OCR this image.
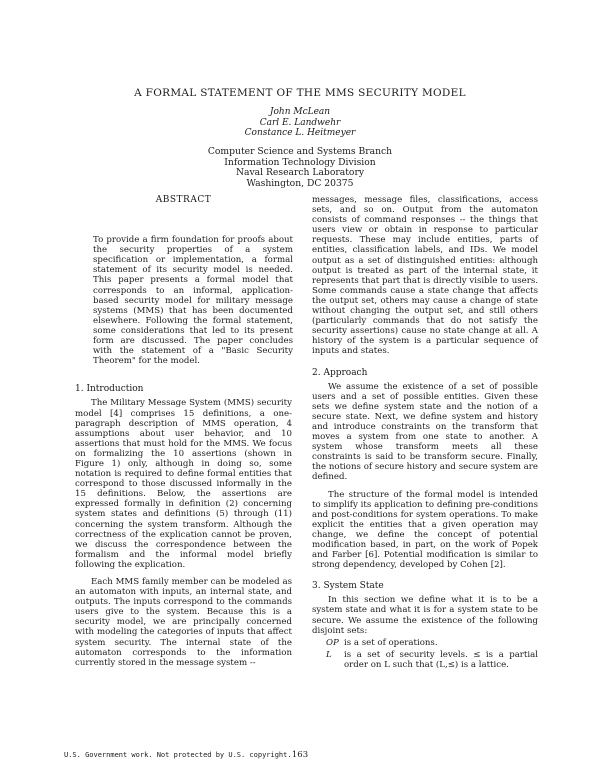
A FORMAL STATEMENT OF THE MMS SECURITY MODEL
John McLean
Carl E. Landwehr
Constance L. Heitmeyer
Computer Science and Systems Branch
Information Technology Division
Naval Research Laboratory
Washington, DC 20375
ABSTRACT

To provide a firm foundation for proofs about the security properties of a system specification or implementation, a formal statement of its security model is needed. This paper presents a formal model that corresponds to an informal, application-based security model for military message systems (MMS) that has been documented elsewhere. Following the formal statement, some considerations that led to its present form are discussed. The paper concludes with the statement of a "Basic Security Theorem" for the model.

1. Introduction

The Military Message System (MMS) security model [4] comprises 15 definitions, a one-paragraph description of MMS operation, 4 assumptions about user behavior, and 10 assertions that must hold for the MMS. We focus on formalizing the 10 assertions (shown in Figure 1) only, although in doing so, some notation is required to define formal entities that correspond to those discussed informally in the 15 definitions. Below, the assertions are expressed formally in definition (2) concerning system states and definitions (5) through (11) concerning the system transform. Although the correctness of the explication cannot be proven, we discuss the correspondence between the formalism and the informal model briefly following the explication.

Each MMS family member can be modeled as an automaton with inputs, an internal state, and outputs. The inputs correspond to the commands users give to the system. Because this is a security model, we are principally concerned with modeling the categories of inputs that affect system security. The internal state of the automaton corresponds to the information currently stored in the message system --

messages, message files, classifications, access sets, and so on. Output from the automaton consists of command responses -- the things that users view or obtain in response to particular requests. These may include entities, parts of entities, classification labels, and IDs. We model output as a set of distinguished entities: although output is treated as part of the internal state, it represents that part that is directly visible to users. Some commands cause a state change that affects the output set, others may cause a change of state without changing the output set, and still others (particularly commands that do not satisfy the security assertions) cause no state change at all. A history of the system is a particular sequence of inputs and states.

2. Approach

We assume the existence of a set of possible users and a set of possible entities. Given these sets we define system state and the notion of a secure state. Next, we define system and history and introduce constraints on the transform that moves a system from one state to another. A system whose transform meets all these constraints is said to be transform secure. Finally, the notions of secure history and secure system are defined.

The structure of the formal model is intended to simplify its application to defining pre-conditions and post-conditions for system operations. To make explicit the entities that a given operation may change, we define the concept of potential modification based, in part, on the work of Popek and Farber [6]. Potential modification is similar to strong dependency, developed by Cohen [2].

3. System State

In this section we define what it is to be a system state and what it is for a system state to be secure. We assume the existence of the following disjoint sets:

OP is a set of operations.
L	is a set of security levels. ≤ is a partial order on L such that (L,≤) is a lattice.
U.S. Government work. Not protected by U.S. copyright. 163
